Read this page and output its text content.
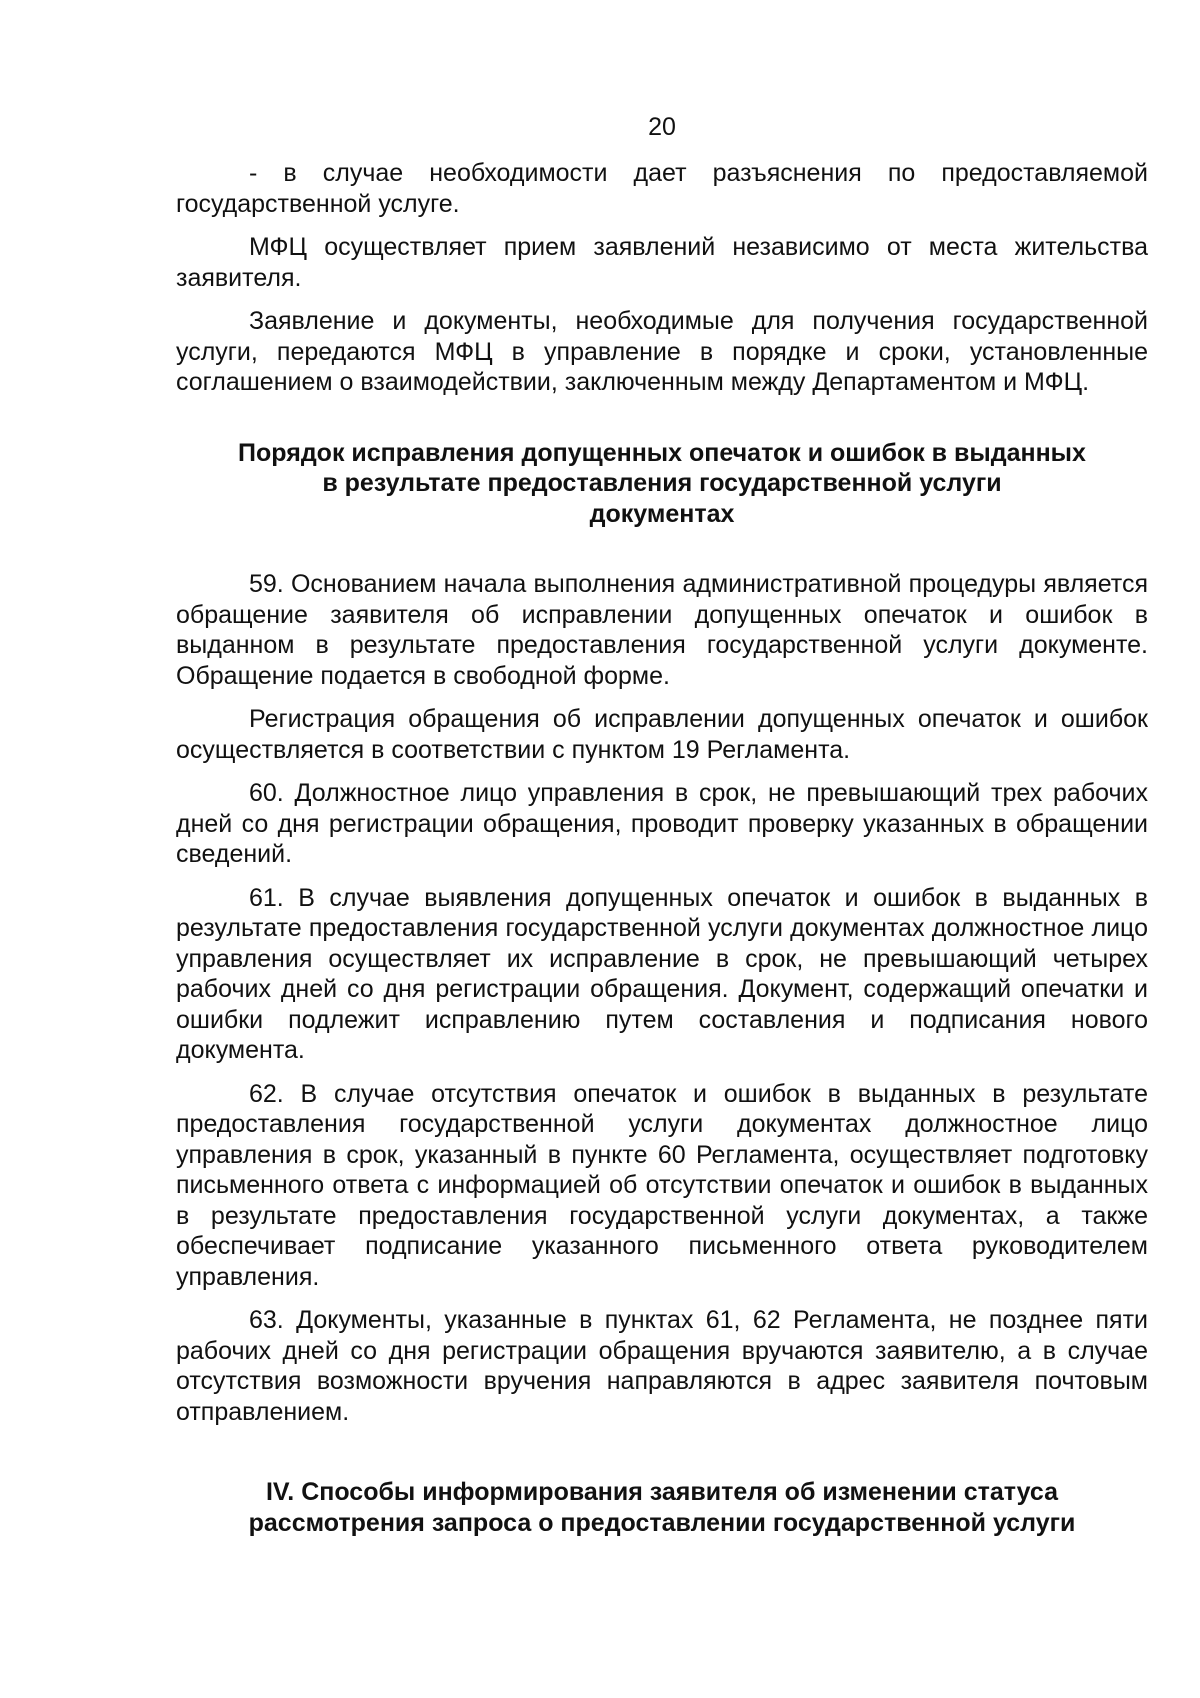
20

- в случае необходимости дает разъяснения по предоставляемой государственной услуге.

МФЦ осуществляет прием заявлений независимо от места жительства заявителя.

Заявление и документы, необходимые для получения государственной услуги, передаются МФЦ в управление в порядке и сроки, установленные соглашением о взаимодействии, заключенным между Департаментом и МФЦ.

Порядок исправления допущенных опечаток и ошибок в выданных
в результате предоставления государственной услуги
документах

59. Основанием начала выполнения административной процедуры является обращение заявителя об исправлении допущенных опечаток и ошибок в выданном в результате предоставления государственной услуги документе. Обращение подается в свободной форме.

Регистрация обращения об исправлении допущенных опечаток и ошибок осуществляется в соответствии с пунктом 19 Регламента.

60. Должностное лицо управления в срок, не превышающий трех рабочих дней со дня регистрации обращения, проводит проверку указанных в обращении сведений.

61. В случае выявления допущенных опечаток и ошибок в выданных в результате предоставления государственной услуги документах должностное лицо управления осуществляет их исправление в срок, не превышающий четырех рабочих дней со дня регистрации обращения. Документ, содержащий опечатки и ошибки подлежит исправлению путем составления и подписания нового документа.

62. В случае отсутствия опечаток и ошибок в выданных в результате предоставления государственной услуги документах должностное лицо управления в срок, указанный в пункте 60 Регламента, осуществляет подготовку письменного ответа с информацией об отсутствии опечаток и ошибок в выданных в результате предоставления государственной услуги документах, а также обеспечивает подписание указанного письменного ответа руководителем управления.

63. Документы, указанные в пунктах 61, 62 Регламента, не позднее пяти рабочих дней со дня регистрации обращения вручаются заявителю, а в случае отсутствия возможности вручения направляются в адрес заявителя почтовым отправлением.

IV. Способы информирования заявителя об изменении статуса
рассмотрения запроса о предоставлении государственной услуги
